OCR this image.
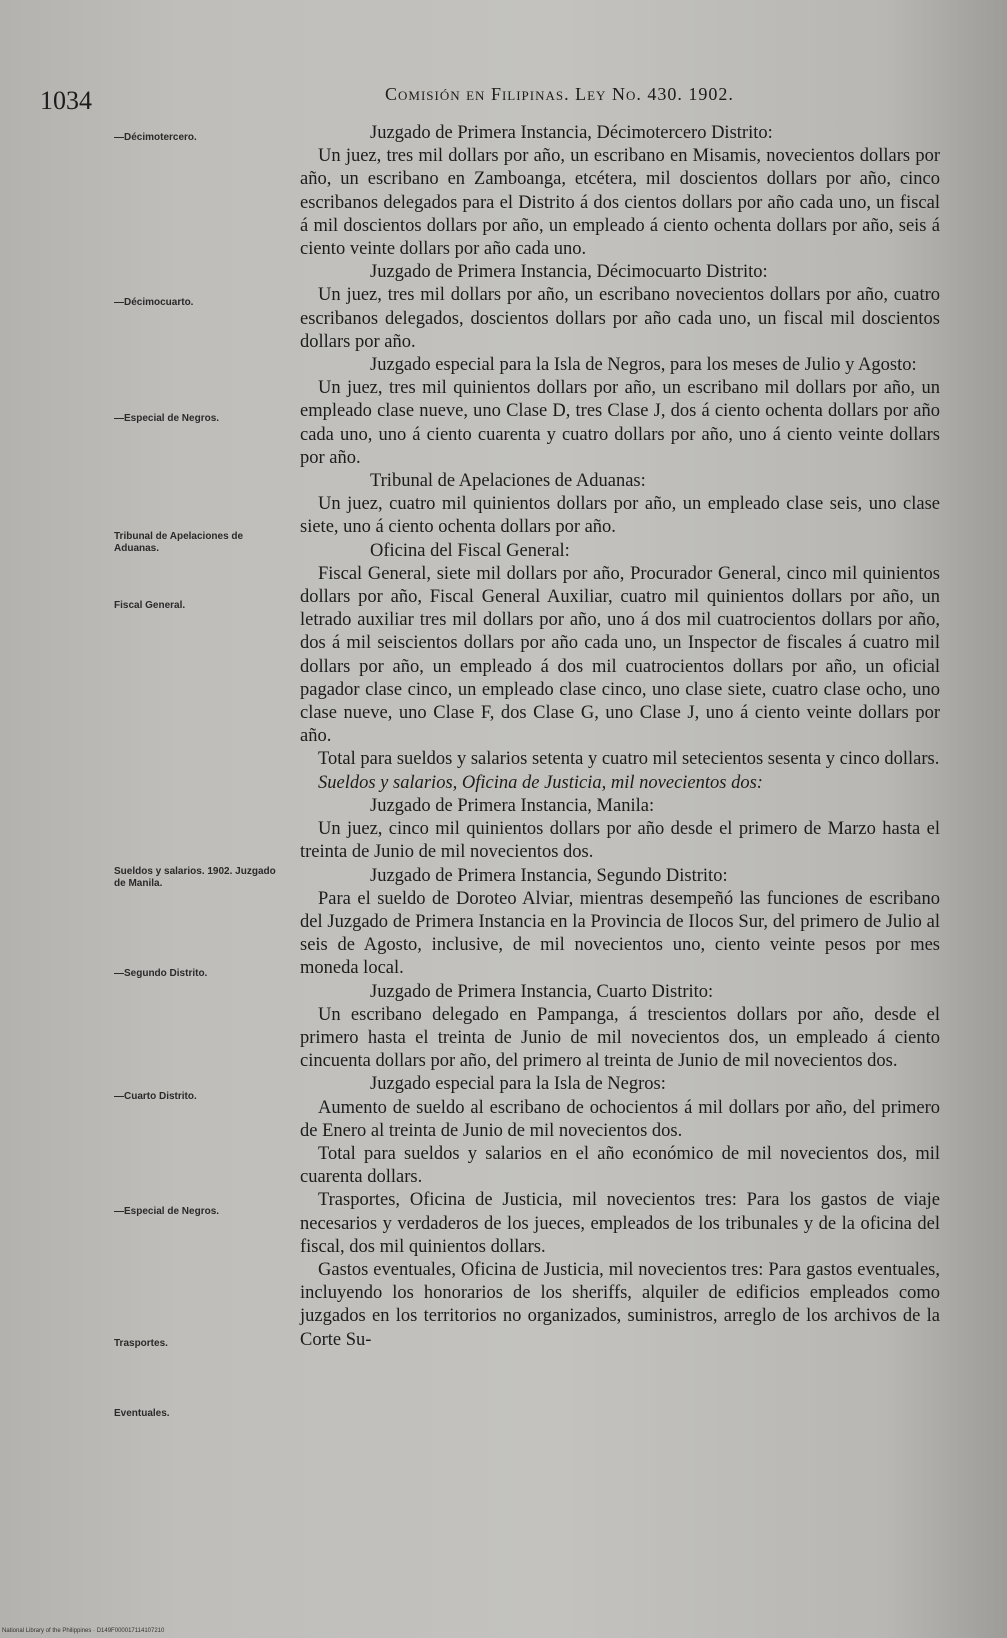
1034	Comisión en Filipinas. Ley No. 430. 1902.
—Décimotercero.
—Décimocuarto.
—Especial de Negros.
Tribunal de Apelaciones de Aduanas.
Fiscal General.
Sueldos y salarios. 1902. Juzgado de Manila.
—Segundo Distrito.
—Cuarto Distrito.
—Especial de Negros.
Trasportes.
Eventuales.

Juzgado de Primera Instancia, Décimotercero Distrito:

Un juez, tres mil dollars por año, un escribano en Misamis, novecientos dollars por año, un escribano en Zamboanga, etcétera, mil doscientos dollars por año, cinco escribanos delegados para el Distrito á dos cientos dollars por año cada uno, un fiscal á mil doscientos dollars por año, un empleado á ciento ochenta dollars por año, seis á ciento veinte dollars por año cada uno.

Juzgado de Primera Instancia, Décimocuarto Distrito:

Un juez, tres mil dollars por año, un escribano novecientos dollars por año, cuatro escribanos delegados, doscientos dollars por año cada uno, un fiscal mil doscientos dollars por año.

Juzgado especial para la Isla de Negros, para los meses de Julio y Agosto:

Un juez, tres mil quinientos dollars por año, un escribano mil dollars por año, un empleado clase nueve, uno Clase D, tres Clase J, dos á ciento ochenta dollars por año cada uno, uno á ciento cuarenta y cuatro dollars por año, uno á ciento veinte dollars por año.

Tribunal de Apelaciones de Aduanas:

Un juez, cuatro mil quinientos dollars por año, un empleado clase seis, uno clase siete, uno á ciento ochenta dollars por año.

Oficina del Fiscal General:

Fiscal General, siete mil dollars por año, Procurador General, cinco mil quinientos dollars por año, Fiscal General Auxiliar, cuatro mil quinientos dollars por año, un letrado auxiliar tres mil dollars por año, uno á dos mil cuatrocientos dollars por año, dos á mil seiscientos dollars por año cada uno, un Inspector de fiscales á cuatro mil dollars por año, un empleado á dos mil cuatrocientos dollars por año, un oficial pagador clase cinco, un empleado clase cinco, uno clase siete, cuatro clase ocho, uno clase nueve, uno Clase F, dos Clase G, uno Clase J, uno á ciento veinte dollars por año.

Total para sueldos y salarios setenta y cuatro mil setecientos sesenta y cinco dollars.

Sueldos y salarios, Oficina de Justicia, mil novecientos dos:

Juzgado de Primera Instancia, Manila:

Un juez, cinco mil quinientos dollars por año desde el primero de Marzo hasta el treinta de Junio de mil novecientos dos.

Juzgado de Primera Instancia, Segundo Distrito:

Para el sueldo de Doroteo Alviar, mientras desempeñó las funciones de escribano del Juzgado de Primera Instancia en la Provincia de Ilocos Sur, del primero de Julio al seis de Agosto, inclusive, de mil novecientos uno, ciento veinte pesos por mes moneda local.

Juzgado de Primera Instancia, Cuarto Distrito:

Un escribano delegado en Pampanga, á trescientos dollars por año, desde el primero hasta el treinta de Junio de mil novecientos dos, un empleado á ciento cincuenta dollars por año, del primero al treinta de Junio de mil novecientos dos.

Juzgado especial para la Isla de Negros:

Aumento de sueldo al escribano de ochocientos á mil dollars por año, del primero de Enero al treinta de Junio de mil novecientos dos.

Total para sueldos y salarios en el año económico de mil novecientos dos, mil cuarenta dollars.

Trasportes, Oficina de Justicia, mil novecientos tres: Para los gastos de viaje necesarios y verdaderos de los jueces, empleados de los tribunales y de la oficina del fiscal, dos mil quinientos dollars.

Gastos eventuales, Oficina de Justicia, mil novecientos tres: Para gastos eventuales, incluyendo los honorarios de los sheriffs, alquiler de edificios empleados como juzgados en los territorios no organizados, suministros, arreglo de los archivos de la Corte Su-

National Library of the Philippines · D149F000017114107210
